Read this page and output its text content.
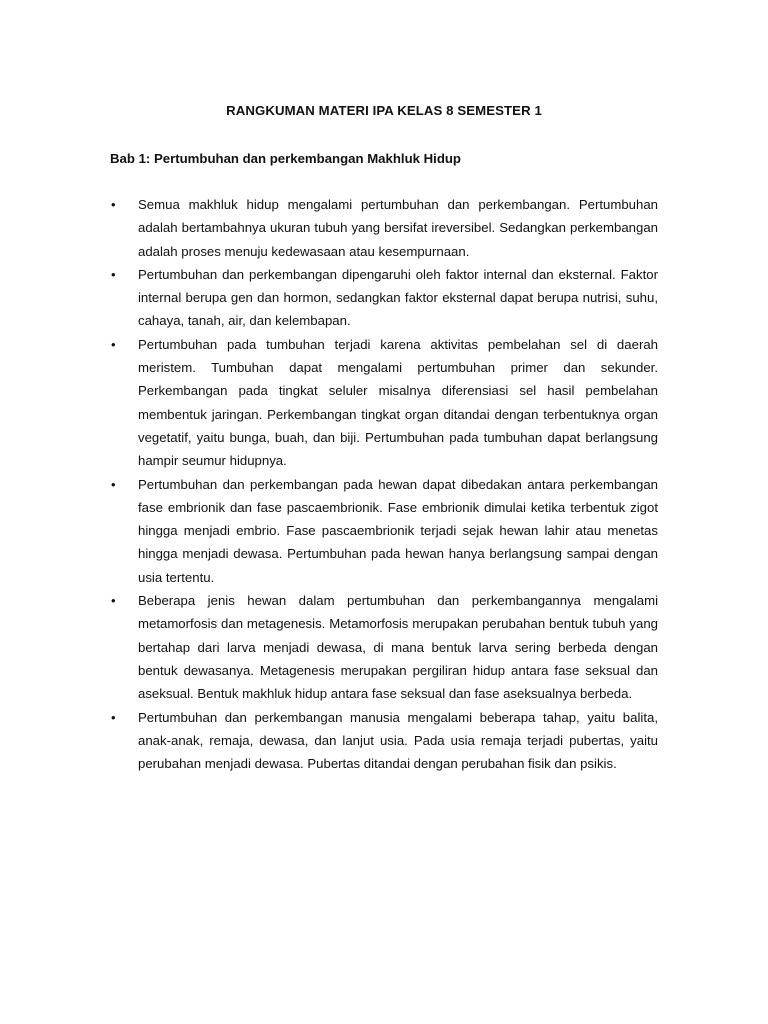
RANGKUMAN MATERI IPA KELAS 8 SEMESTER 1
Bab 1: Pertumbuhan dan perkembangan Makhluk Hidup
• Semua makhluk hidup mengalami pertumbuhan dan perkembangan. Pertumbuhan adalah bertambahnya ukuran tubuh yang bersifat ireversibel. Sedangkan perkembangan adalah proses menuju kedewasaan atau kesempurnaan.
• Pertumbuhan dan perkembangan dipengaruhi oleh faktor internal dan eksternal. Faktor internal berupa gen dan hormon, sedangkan faktor eksternal dapat berupa nutrisi, suhu, cahaya, tanah, air, dan kelembapan.
• Pertumbuhan pada tumbuhan terjadi karena aktivitas pembelahan sel di daerah meristem. Tumbuhan dapat mengalami pertumbuhan primer dan sekunder. Perkembangan pada tingkat seluler misalnya diferensiasi sel hasil pembelahan membentuk jaringan. Perkembangan tingkat organ ditandai dengan terbentuknya organ vegetatif, yaitu bunga, buah, dan biji. Pertumbuhan pada tumbuhan dapat berlangsung hampir seumur hidupnya.
• Pertumbuhan dan perkembangan pada hewan dapat dibedakan antara perkembangan fase embrionik dan fase pascaembrionik. Fase embrionik dimulai ketika terbentuk zigot hingga menjadi embrio. Fase pascaembrionik terjadi sejak hewan lahir atau menetas hingga menjadi dewasa. Pertumbuhan pada hewan hanya berlangsung sampai dengan usia tertentu.
• Beberapa jenis hewan dalam pertumbuhan dan perkembangannya mengalami metamorfosis dan metagenesis. Metamorfosis merupakan perubahan bentuk tubuh yang bertahap dari larva menjadi dewasa, di mana bentuk larva sering berbeda dengan bentuk dewasanya. Metagenesis merupakan pergiliran hidup antara fase seksual dan aseksual. Bentuk makhluk hidup antara fase seksual dan fase aseksualnya berbeda.
• Pertumbuhan dan perkembangan manusia mengalami beberapa tahap, yaitu balita, anak-anak, remaja, dewasa, dan lanjut usia. Pada usia remaja terjadi pubertas, yaitu perubahan menjadi dewasa. Pubertas ditandai dengan perubahan fisik dan psikis.
